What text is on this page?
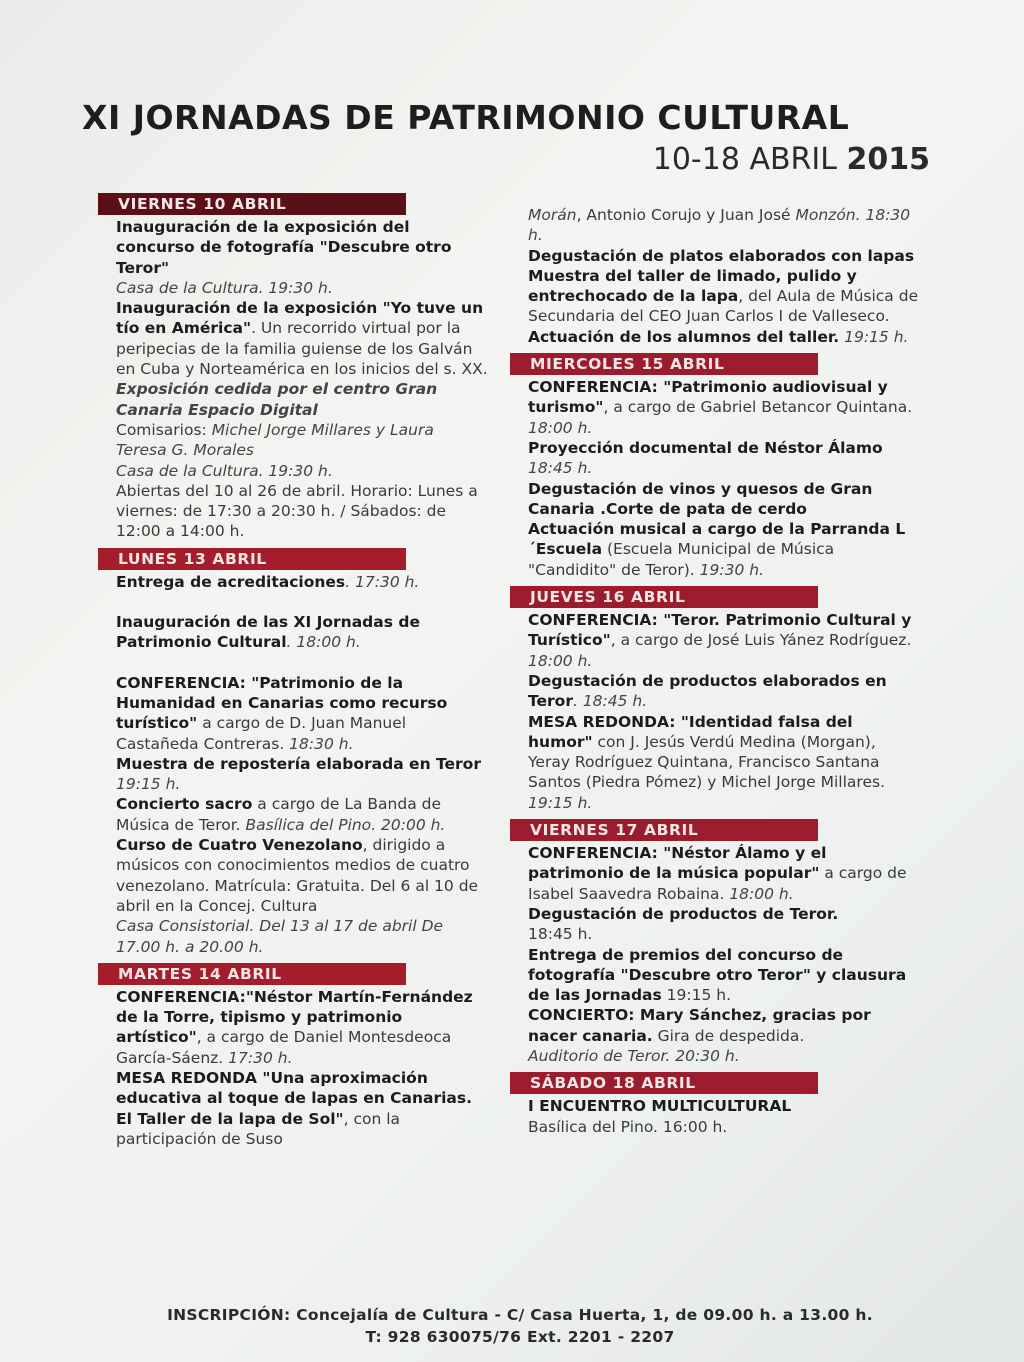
XI JORNADAS DE PATRIMONIO CULTURAL
10-18 ABRIL 2015
VIERNES 10 ABRIL
Inauguración de la exposición del concurso de fotografía "Descubre otro Teror"
Casa de la Cultura. 19:30 h.
Inauguración de la exposición "Yo tuve un tío en América". Un recorrido virtual por la peripecias de la familia guiense de los Galván en Cuba y Norteamérica en los inicios del s. XX. Exposición cedida por el centro Gran Canaria Espacio Digital
Comisarios: Michel Jorge Millares y Laura Teresa G. Morales
Casa de la Cultura. 19:30 h.
Abiertas del 10 al 26 de abril. Horario: Lunes a viernes: de 17:30 a 20:30 h. / Sábados: de 12:00 a 14:00 h.
LUNES 13 ABRIL
Entrega de acreditaciones. 17:30 h.
Inauguración de las XI Jornadas de Patrimonio Cultural. 18:00 h.
CONFERENCIA: "Patrimonio de la Humanidad en Canarias como recurso turístico" a cargo de D. Juan Manuel Castañeda Contreras. 18:30 h.
Muestra de repostería elaborada en Teror
19:15 h.
Concierto sacro a cargo de La Banda de Música de Teror. Basílica del Pino. 20:00 h.
Curso de Cuatro Venezolano, dirigido a músicos con conocimientos medios de cuatro venezolano. Matrícula: Gratuita. Del 6 al 10 de abril en la Concej. Cultura
Casa Consistorial. Del 13 al 17 de abril De 17.00 h. a 20.00 h.
MARTES 14 ABRIL
CONFERENCIA:"Néstor Martín-Fernández de la Torre, tipismo y patrimonio artístico", a cargo de Daniel Montesdeoca García-Sáenz. 17:30 h.
MESA REDONDA "Una aproximación educativa al toque de lapas en Canarias. El Taller de la lapa de Sol", con la participación de Suso
Morán, Antonio Corujo y Juan José Monzón. 18:30 h.
Degustación de platos elaborados con lapas
Muestra del taller de limado, pulido y entrechocado de la lapa, del Aula de Música de Secundaria del CEO Juan Carlos I de Valleseco. Actuación de los alumnos del taller. 19:15 h.
MIERCOLES 15 ABRIL
CONFERENCIA: "Patrimonio audiovisual y turismo", a cargo de Gabriel Betancor Quintana. 18:00 h.
Proyección documental de Néstor Álamo
18:45 h.
Degustación de vinos y quesos de Gran Canaria .Corte de pata de cerdo
Actuación musical a cargo de la Parranda L´Escuela (Escuela Municipal de Música "Candidito" de Teror). 19:30 h.
JUEVES 16 ABRIL
CONFERENCIA: "Teror. Patrimonio Cultural y Turístico", a cargo de José Luis Yánez Rodríguez. 18:00 h.
Degustación de productos elaborados en Teror. 18:45 h.
MESA REDONDA: "Identidad falsa del humor" con J. Jesús Verdú Medina (Morgan), Yeray Rodríguez Quintana, Francisco Santana Santos (Piedra Pómez) y Michel Jorge Millares. 19:15 h.
VIERNES 17 ABRIL
CONFERENCIA: "Néstor Álamo y el patrimonio de la música popular" a cargo de Isabel Saavedra Robaina. 18:00 h.
Degustación de productos de Teror.
18:45 h.
Entrega de premios del concurso de fotografía "Descubre otro Teror" y clausura de las Jornadas 19:15 h.
CONCIERTO: Mary Sánchez, gracias por nacer canaria. Gira de despedida.
Auditorio de Teror. 20:30 h.
SÁBADO 18 ABRIL
I ENCUENTRO MULTICULTURAL
Basílica del Pino. 16:00 h.
INSCRIPCIÓN: Concejalía de Cultura - C/ Casa Huerta, 1, de 09.00 h. a 13.00 h.
T: 928 630075/76 Ext. 2201 - 2207
